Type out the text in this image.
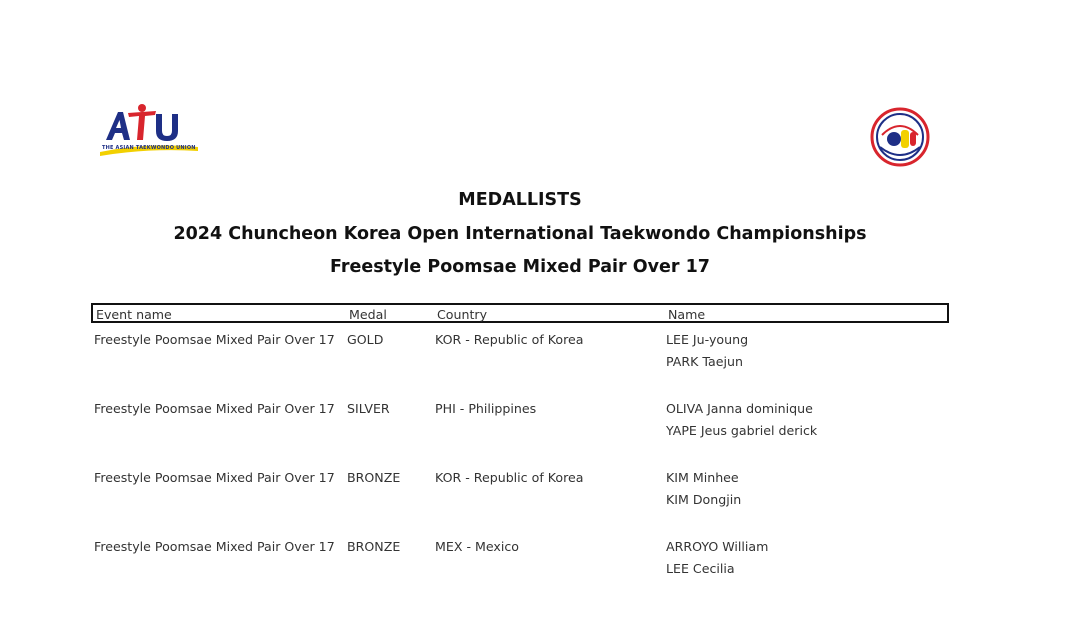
THE ASIAN TAEKWONDO UNION
MEDALLISTS
2024 Chuncheon Korea Open International Taekwondo Championships
Freestyle Poomsae Mixed Pair Over 17
Event name	Medal	Country	Name
Freestyle Poomsae Mixed Pair Over 17 GOLD	KOR - Republic of Korea	LEE Ju-young
PARK Taejun
Freestyle Poomsae Mixed Pair Over 17 SILVER	PHI - Philippines	OLIVA Janna dominique
YAPE Jeus gabriel derick
Freestyle Poomsae Mixed Pair Over 17 BRONZE	KOR - Republic of Korea	KIM Minhee
KIM Dongjin
Freestyle Poomsae Mixed Pair Over 17 BRONZE	MEX - Mexico	ARROYO William
LEE Cecilia
